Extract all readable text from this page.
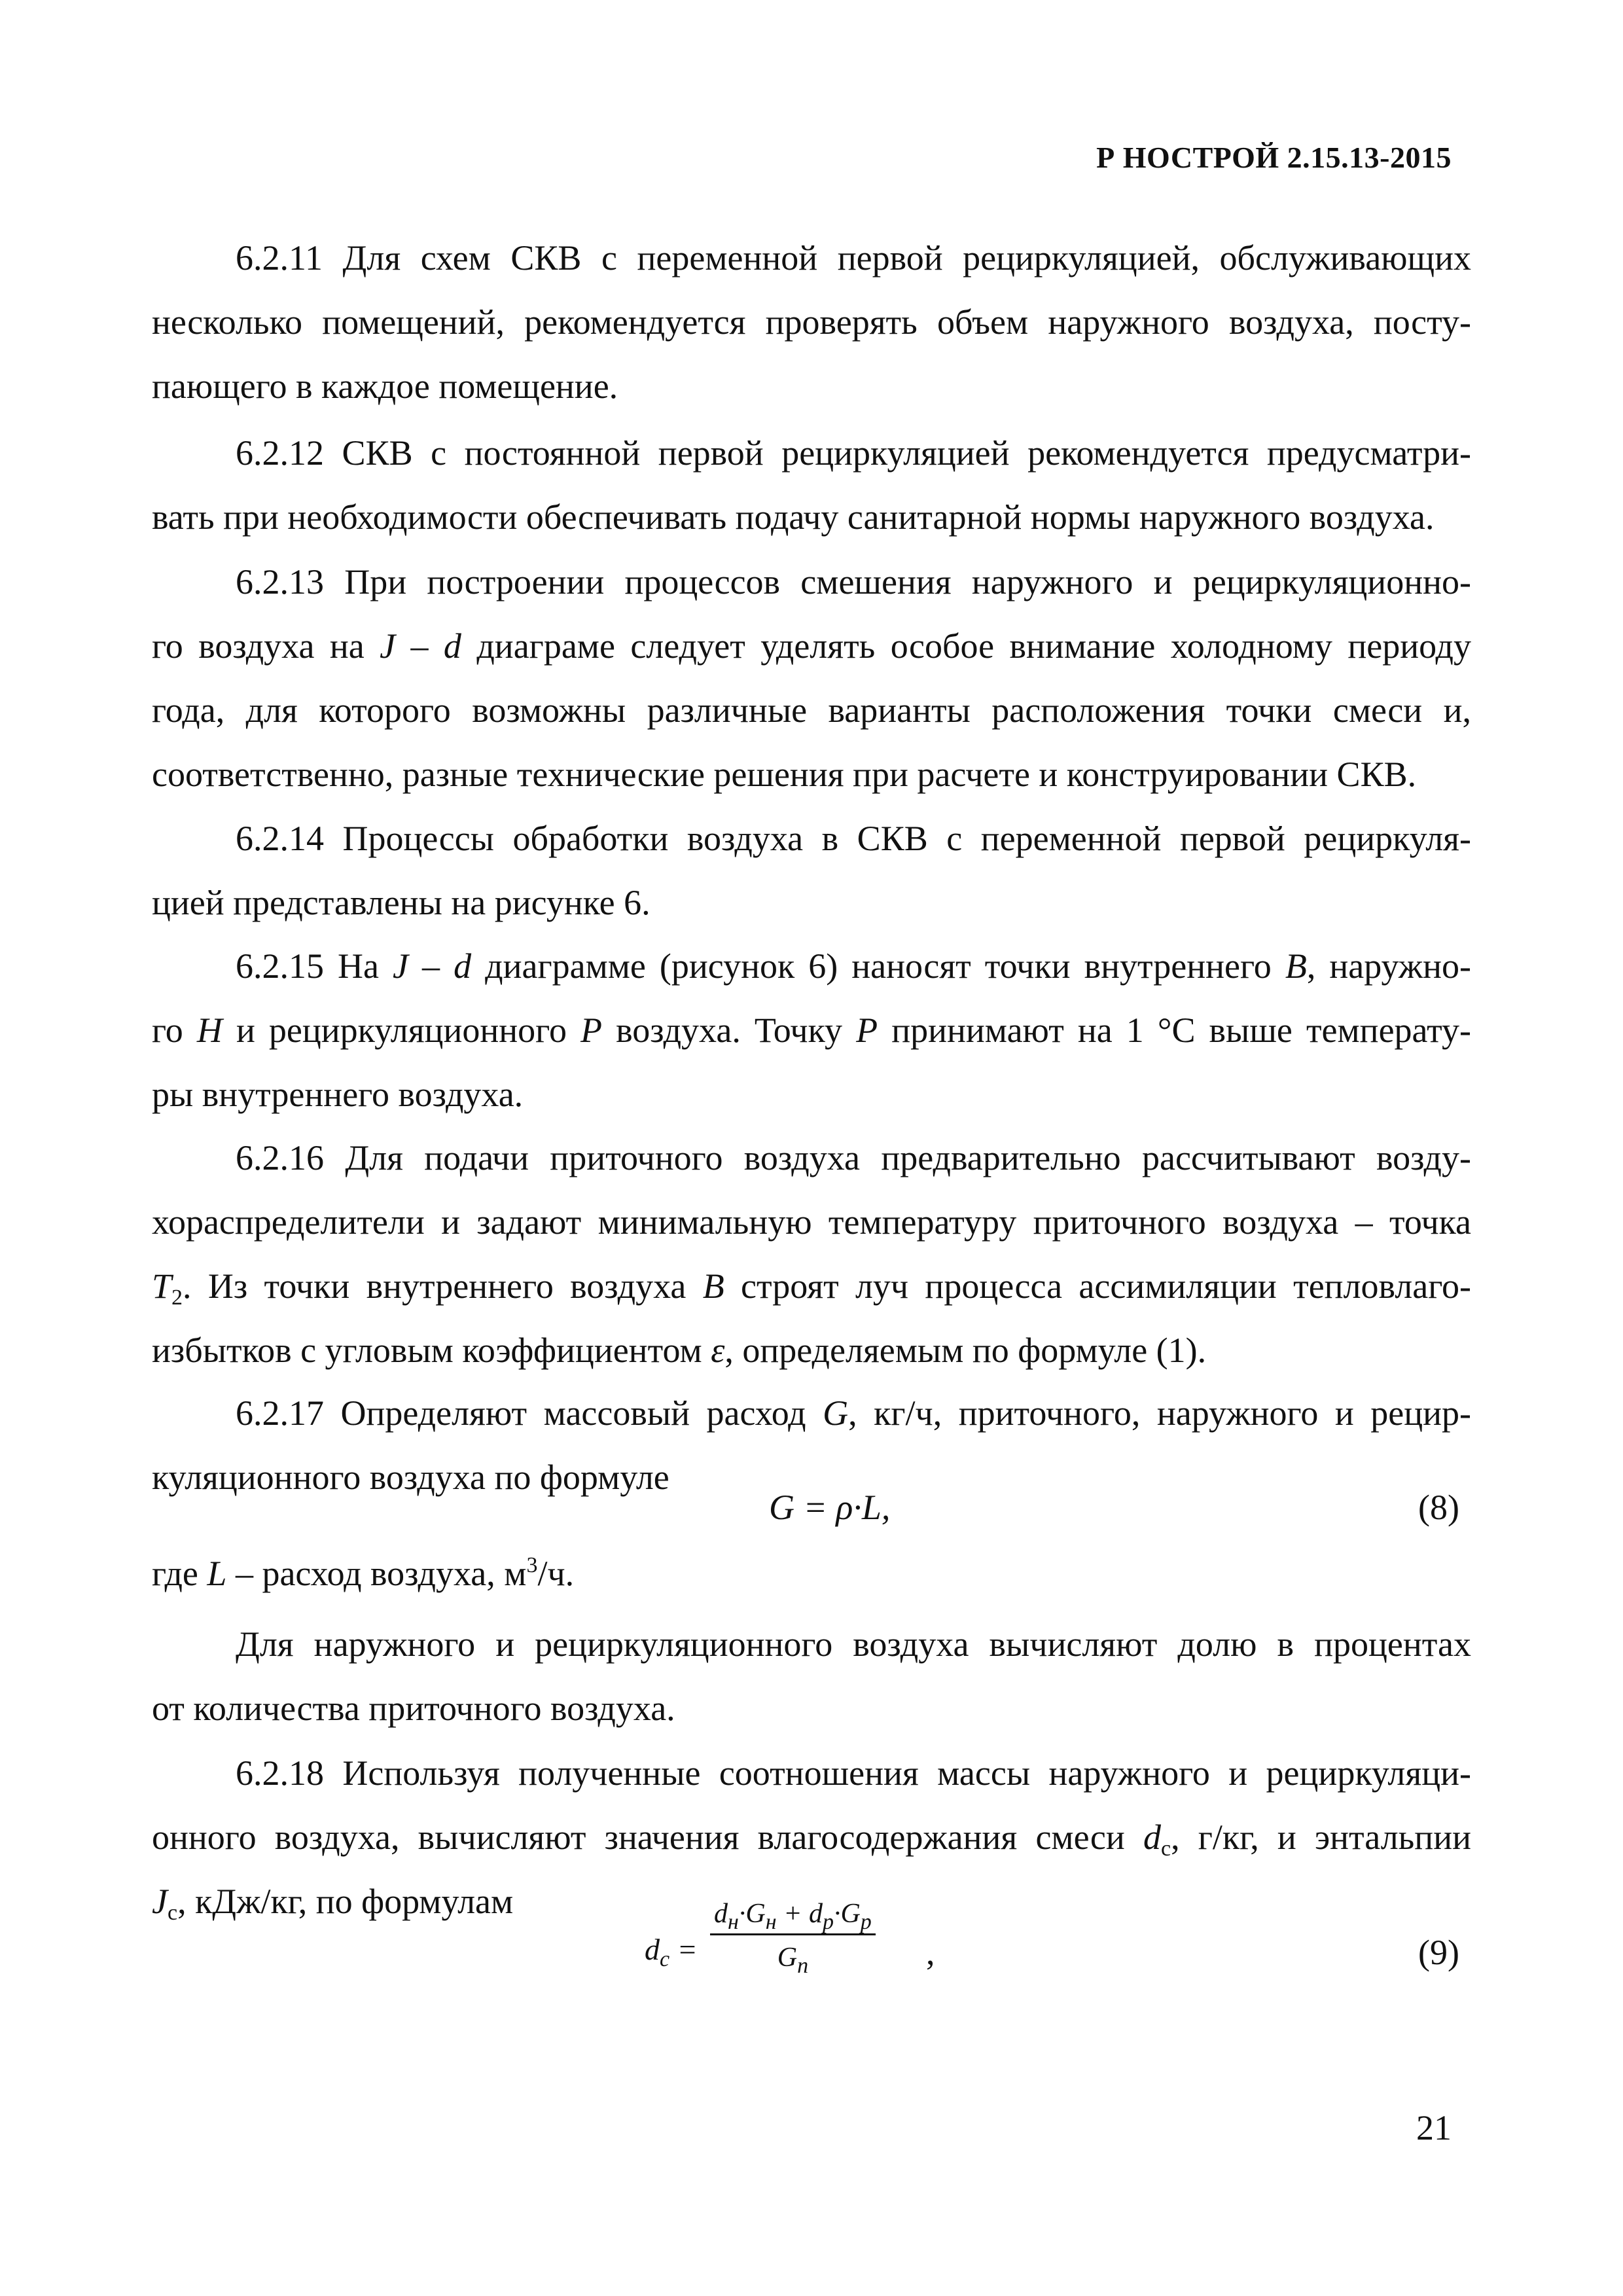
Р НОСТРОЙ 2.15.13-2015
6.2.11 Для схем СКВ с переменной первой рециркуляцией, обслуживающих
несколько помещений, рекомендуется проверять объем наружного воздуха, посту-
пающего в каждое помещение.
6.2.12 СКВ с постоянной первой рециркуляцией рекомендуется предусматри-
вать при необходимости обеспечивать подачу санитарной нормы наружного воздуха.
6.2.13 При построении процессов смешения наружного и рециркуляционно-
го воздуха на J – d диаграме следует уделять особое внимание холодному периоду
года, для которого возможны различные варианты расположения точки смеси и,
соответственно, разные технические решения при расчете и конструировании СКВ.
6.2.14 Процессы обработки воздуха в СКВ с переменной первой рециркуля-
цией представлены на рисунке 6.
6.2.15 На J – d диаграмме (рисунок 6) наносят точки внутреннего B, наружно-
го H и рециркуляционного P воздуха. Точку P принимают на 1 °C выше температу-
ры внутреннего воздуха.
6.2.16 Для подачи приточного воздуха предварительно рассчитывают возду-
хораспределители и задают минимальную температуру приточного воздуха – точка
$T_2$. Из точки внутреннего воздуха B строят луч процесса ассимиляции тепловлаго-
избытков с угловым коэффициентом ε, определяемым по формуле (1).
6.2.17 Определяют массовый расход G, кг/ч, приточного, наружного и рецир-
куляционного воздуха по формуле
G = ρ·L,	(8)
где L – расход воздуха, $м^3/ч$.
Для наружного и рециркуляционного воздуха вычисляют долю в процентах
от количества приточного воздуха.
6.2.18 Используя полученные соотношения массы наружного и рециркуляци-
онного воздуха, вычисляют значения влагосодержания смеси $d_с$, г/кг, и энтальпии
$J_с$, кДж/кг, по формулам
$d_с$ =
$d_н\cdot G_н + d_р\cdot G_р$
$G_п$	,	(9)
21
